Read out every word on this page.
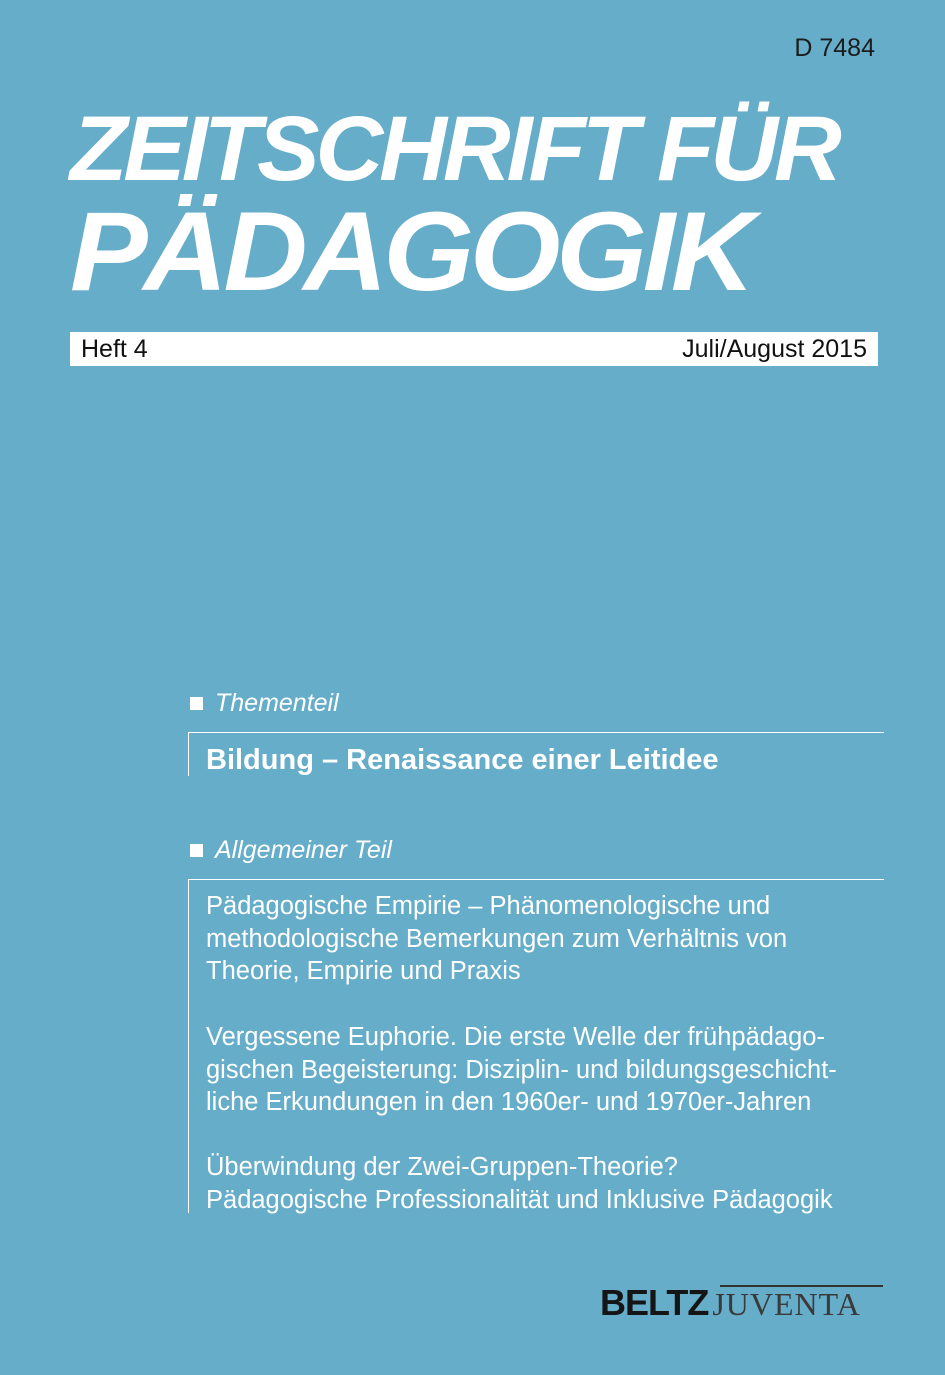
D 7484
ZEITSCHRIFT FÜR
PÄDAGOGIK
Heft 4	Juli/August 2015
Thementeil
Bildung – Renaissance einer Leitidee
Allgemeiner Teil
Pädagogische Empirie – Phänomenologische und
methodologische Bemerkungen zum Verhältnis von
Theorie, Empirie und Praxis
Vergessene Euphorie. Die erste Welle der frühpädago-
gischen Begeisterung: Disziplin- und bildungsgeschicht-
liche Erkundungen in den 1960er- und 1970er-Jahren
Überwindung der Zwei-Gruppen-Theorie?
Pädagogische Professionalität und Inklusive Pädagogik
BELTZ JUVENTA
